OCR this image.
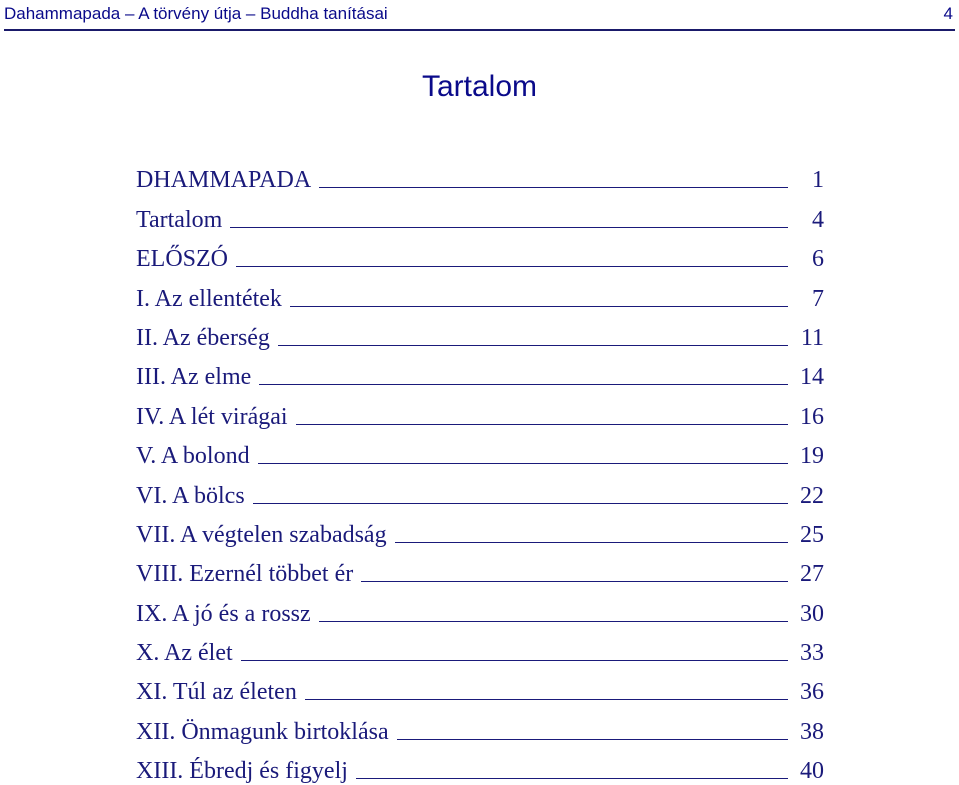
Dahammapada – A törvény útja – Buddha tanításai	4
Tartalom
DHAMMAPADA	1
Tartalom	4
ELŐSZÓ	6
I. Az ellentétek	7
II. Az éberség	11
III. Az elme	14
IV. A lét virágai	16
V. A bolond	19
VI. A bölcs	22
VII. A végtelen szabadság	25
VIII. Ezernél többet ér	27
IX. A jó és a rossz	30
X. Az élet	33
XI. Túl az életen	36
XII. Önmagunk birtoklása	38
XIII. Ébredj és figyelj	40
